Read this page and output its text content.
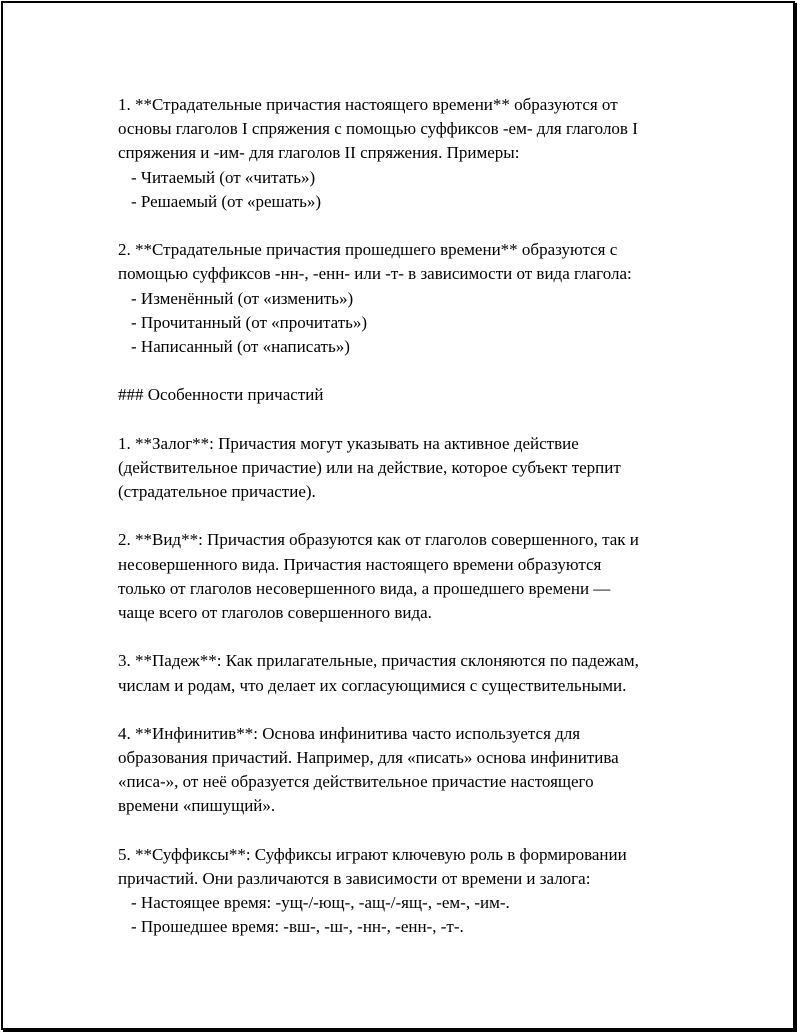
1. **Страдательные причастия настоящего времени** образуются от
основы глаголов I спряжения с помощью суффиксов -ем- для глаголов I
спряжения и -им- для глаголов II спряжения. Примеры:
- Читаемый (от «читать»)
- Решаемый (от «решать»)
2. **Страдательные причастия прошедшего времени** образуются с
помощью суффиксов -нн-, -енн- или -т- в зависимости от вида глагола:
- Изменённый (от «изменить»)
- Прочитанный (от «прочитать»)
- Написанный (от «написать»)
### Особенности причастий
1. **Залог**: Причастия могут указывать на активное действие
(действительное причастие) или на действие, которое субъект терпит
(страдательное причастие).
2. **Вид**: Причастия образуются как от глаголов совершенного, так и
несовершенного вида. Причастия настоящего времени образуются
только от глаголов несовершенного вида, а прошедшего времени —
чаще всего от глаголов совершенного вида.
3. **Падеж**: Как прилагательные, причастия склоняются по падежам,
числам и родам, что делает их согласующимися с существительными.
4. **Инфинитив**: Основа инфинитива часто используется для
образования причастий. Например, для «писать» основа инфинитива
«писа-», от неё образуется действительное причастие настоящего
времени «пишущий».
5. **Суффиксы**: Суффиксы играют ключевую роль в формировании
причастий. Они различаются в зависимости от времени и залога:
- Настоящее время: -ущ-/-ющ-, -ащ-/-ящ-, -ем-, -им-.
- Прошедшее время: -вш-, -ш-, -нн-, -енн-, -т-.
